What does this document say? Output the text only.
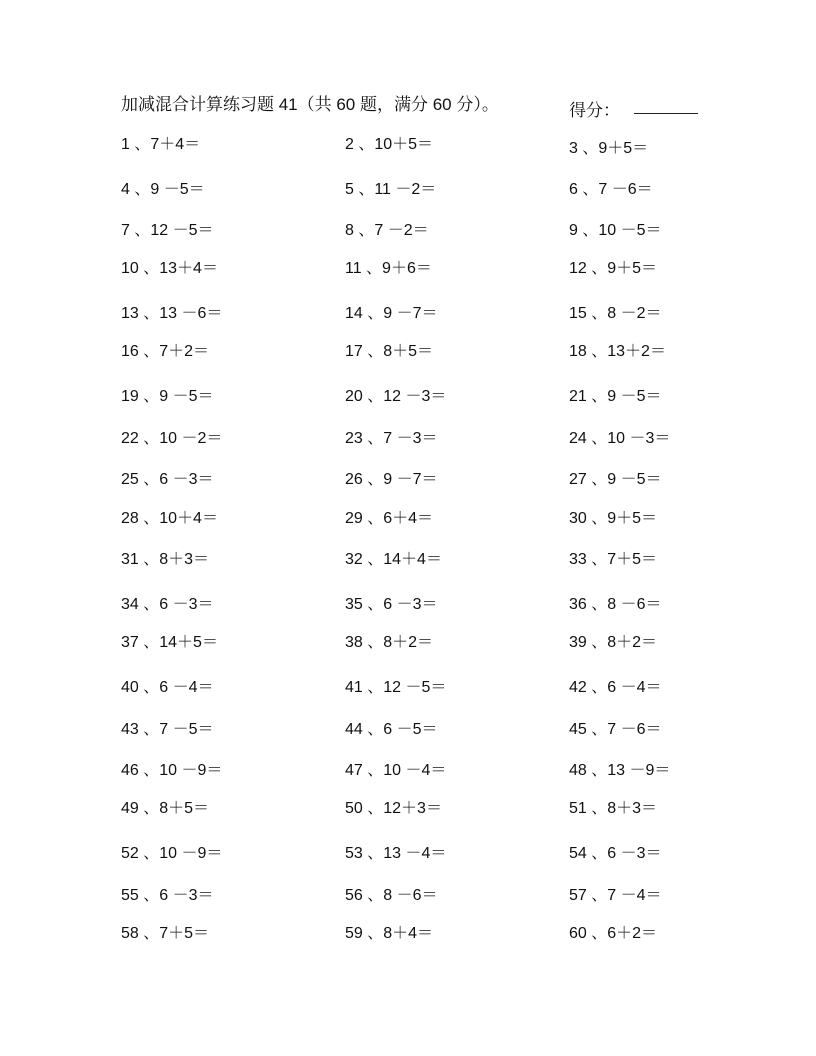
加减混合计算练习题 41（共 60 题，满分 60 分）。	得分：
1 、7＋4＝	2 、10＋5＝	3 、9＋5＝
4 、9 －5＝	5 、11 －2＝	6 、7 －6＝
7 、12 －5＝	8 、7 －2＝	9 、10 －5＝
10 、13＋4＝	11 、9＋6＝	12 、9＋5＝
13 、13 －6＝	14 、9 －7＝	15 、8 －2＝
16 、7＋2＝	17 、8＋5＝	18 、13＋2＝
19 、9 －5＝	20 、12 －3＝	21 、9 －5＝
22 、10 －2＝	23 、7 －3＝	24 、10 －3＝
25 、6 －3＝	26 、9 －7＝	27 、9 －5＝
28 、10＋4＝	29 、6＋4＝	30 、9＋5＝
31 、8＋3＝	32 、14＋4＝	33 、7＋5＝
34 、6 －3＝	35 、6 －3＝	36 、8 －6＝
37 、14＋5＝	38 、8＋2＝	39 、8＋2＝
40 、6 －4＝	41 、12 －5＝	42 、6 －4＝
43 、7 －5＝	44 、6 －5＝	45 、7 －6＝
46 、10 －9＝	47 、10 －4＝	48 、13 －9＝
49 、8＋5＝	50 、12＋3＝	51 、8＋3＝
52 、10 －9＝	53 、13 －4＝	54 、6 －3＝
55 、6 －3＝	56 、8 －6＝	57 、7 －4＝
58 、7＋5＝	59 、8＋4＝	60 、6＋2＝
